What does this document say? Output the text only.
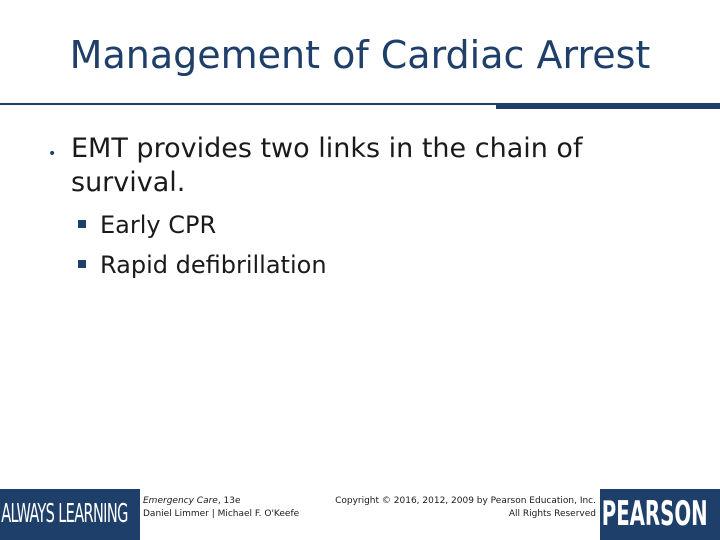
Management of Cardiac Arrest
• EMT provides two links in the chain of survival.
Early CPR
Rapid defibrillation
ALWAYS LEARNING	PEARSON
Emergency Care, 13e
Daniel Limmer | Michael F. O'Keefe
Copyright © 2016, 2012, 2009 by Pearson Education, Inc.
All Rights Reserved
